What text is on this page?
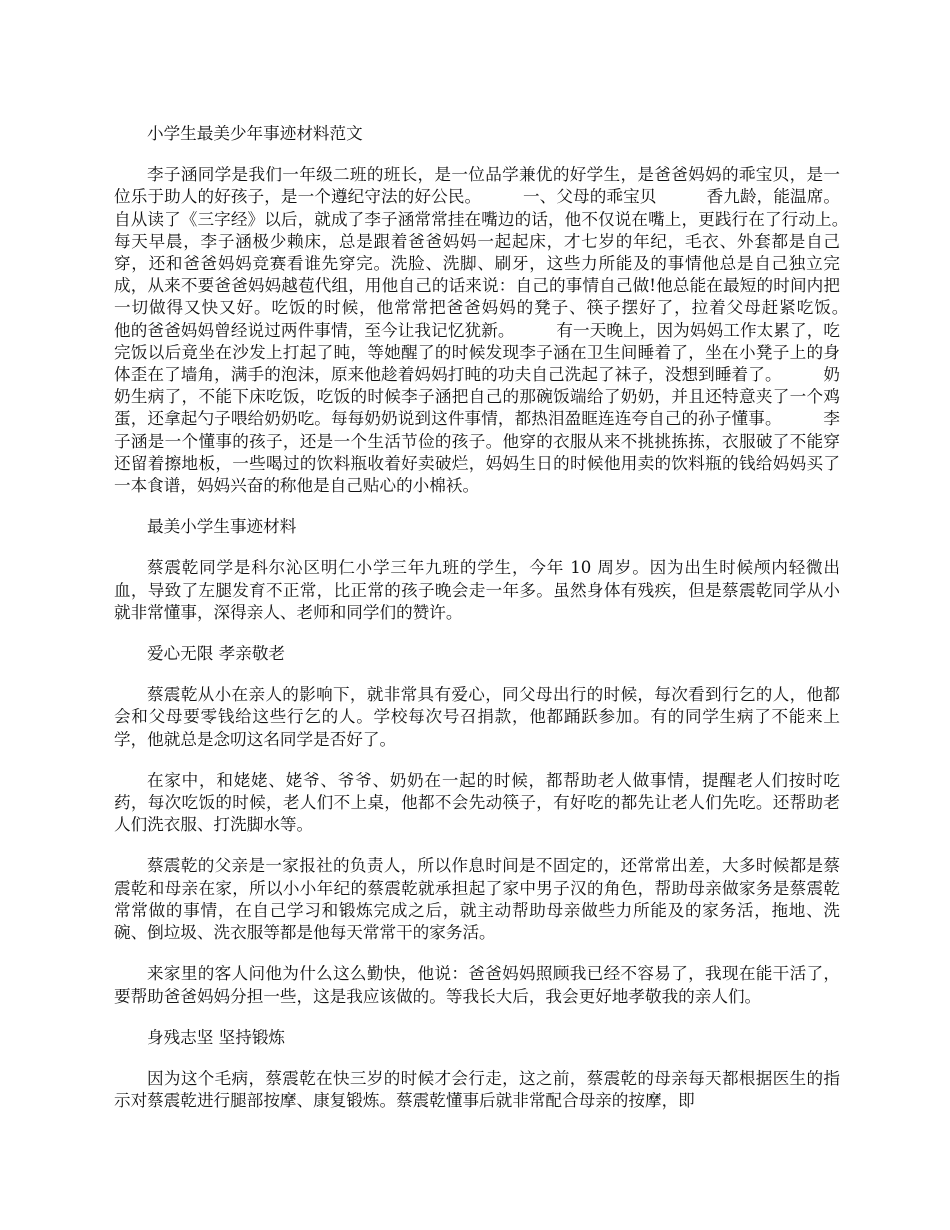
小学生最美少年事迹材料范文

李子涵同学是我们一年级二班的班长，是一位品学兼优的好学生，是爸爸妈妈的乖宝贝，是一位乐于助人的好孩子，是一个遵纪守法的好公民。　　　一、父母的乖宝贝　　　香九龄，能温席。自从读了《三字经》以后，就成了李子涵常常挂在嘴边的话，他不仅说在嘴上，更践行在了行动上。　　　每天早晨，李子涵极少赖床，总是跟着爸爸妈妈一起起床，才七岁的年纪，毛衣、外套都是自己穿，还和爸爸妈妈竞赛看谁先穿完。洗脸、洗脚、刷牙，这些力所能及的事情他总是自己独立完成，从来不要爸爸妈妈越苞代组，用他自己的话来说：自己的事情自己做!他总能在最短的时间内把一切做得又快又好。吃饭的时候，他常常把爸爸妈妈的凳子、筷子摆好了，拉着父母赶紧吃饭。　　　他的爸爸妈妈曾经说过两件事情，至今让我记忆犹新。　　　有一天晚上，因为妈妈工作太累了，吃完饭以后竟坐在沙发上打起了盹，等她醒了的时候发现李子涵在卫生间睡着了，坐在小凳子上的身体歪在了墙角，满手的泡沫，原来他趁着妈妈打盹的功夫自己洗起了袜子，没想到睡着了。　　　奶奶生病了，不能下床吃饭，吃饭的时候李子涵把自己的那碗饭端给了奶奶，并且还特意夹了一个鸡蛋，还拿起勺子喂给奶奶吃。每每奶奶说到这件事情，都热泪盈眶连连夸自己的孙子懂事。　　　李子涵是一个懂事的孩子，还是一个生活节俭的孩子。他穿的衣服从来不挑挑拣拣，衣服破了不能穿还留着擦地板，一些喝过的饮料瓶收着好卖破烂，妈妈生日的时候他用卖的饮料瓶的钱给妈妈买了一本食谱，妈妈兴奋的称他是自己贴心的小棉袄。

最美小学生事迹材料

蔡震乾同学是科尔沁区明仁小学三年九班的学生，今年 10 周岁。因为出生时候颅内轻微出血，导致了左腿发育不正常，比正常的孩子晚会走一年多。虽然身体有残疾，但是蔡震乾同学从小就非常懂事，深得亲人、老师和同学们的赞许。

爱心无限 孝亲敬老

蔡震乾从小在亲人的影响下，就非常具有爱心，同父母出行的时候，每次看到行乞的人，他都会和父母要零钱给这些行乞的人。学校每次号召捐款，他都踊跃参加。有的同学生病了不能来上学，他就总是念叨这名同学是否好了。

在家中，和姥姥、姥爷、爷爷、奶奶在一起的时候，都帮助老人做事情，提醒老人们按时吃药，每次吃饭的时候，老人们不上桌，他都不会先动筷子，有好吃的都先让老人们先吃。还帮助老人们洗衣服、打洗脚水等。

蔡震乾的父亲是一家报社的负责人，所以作息时间是不固定的，还常常出差，大多时候都是蔡震乾和母亲在家，所以小小年纪的蔡震乾就承担起了家中男子汉的角色，帮助母亲做家务是蔡震乾常常做的事情，在自己学习和锻炼完成之后，就主动帮助母亲做些力所能及的家务活，拖地、洗碗、倒垃圾、洗衣服等都是他每天常常干的家务活。

来家里的客人问他为什么这么勤快，他说：爸爸妈妈照顾我已经不容易了，我现在能干活了，要帮助爸爸妈妈分担一些，这是我应该做的。等我长大后，我会更好地孝敬我的亲人们。

身残志坚 坚持锻炼

因为这个毛病，蔡震乾在快三岁的时候才会行走，这之前，蔡震乾的母亲每天都根据医生的指示对蔡震乾进行腿部按摩、康复锻炼。蔡震乾懂事后就非常配合母亲的按摩，即
